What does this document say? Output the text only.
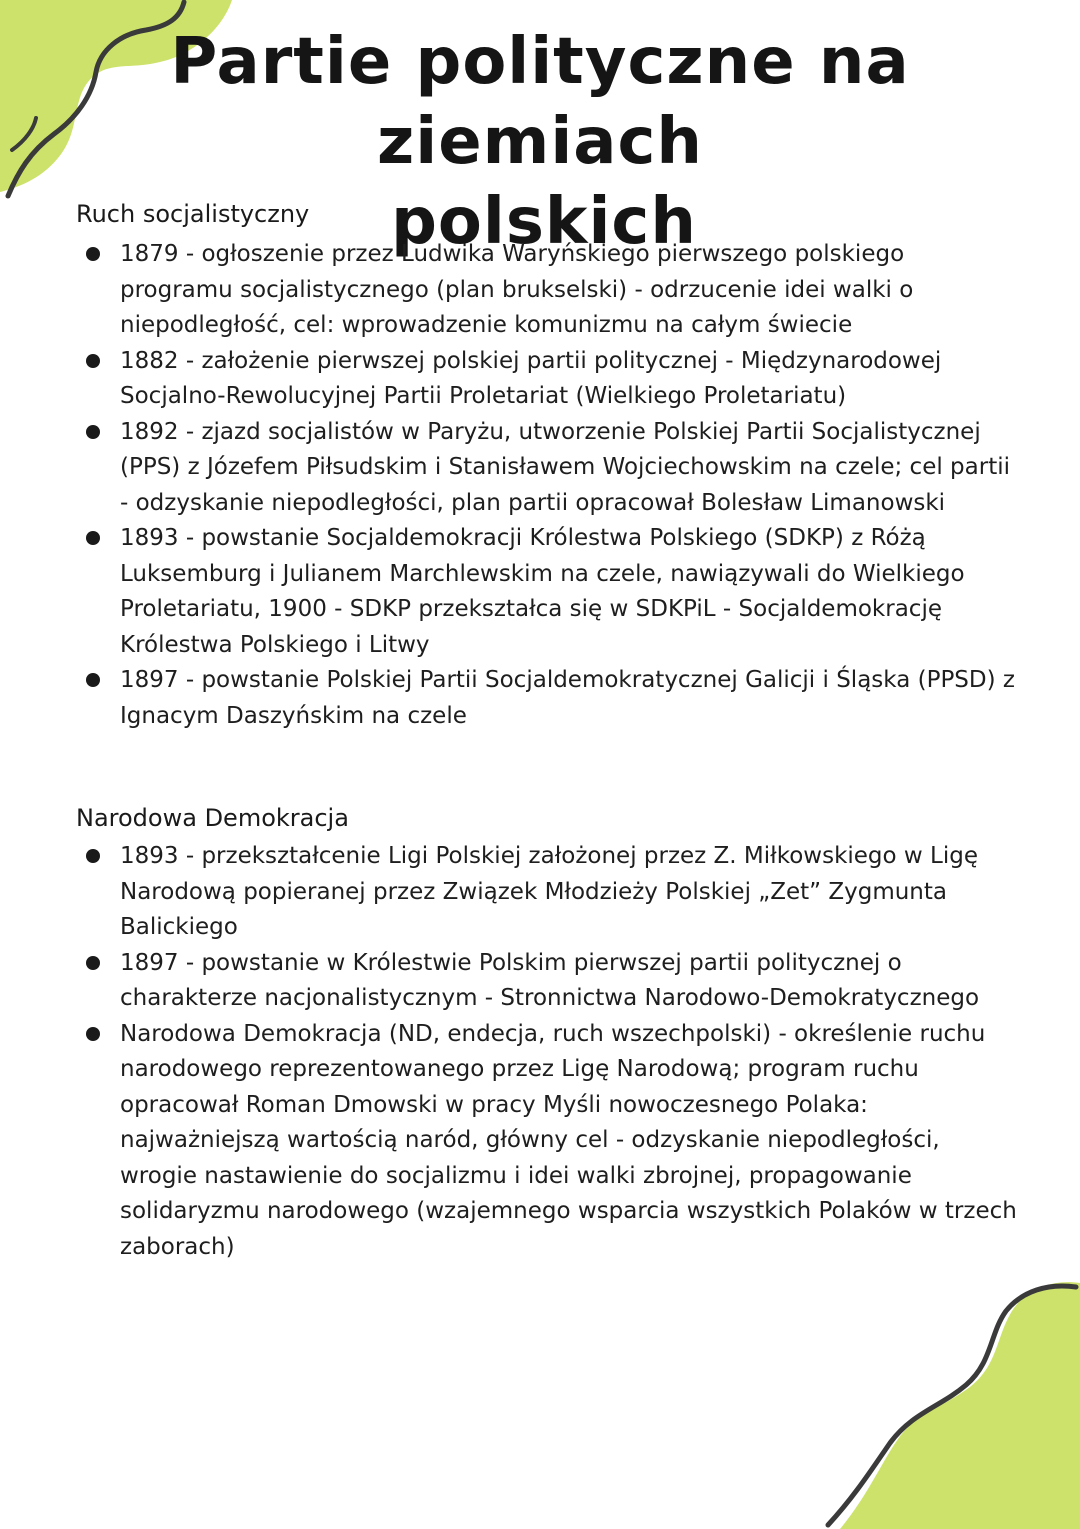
Partie polityczne na ziemiach
polskich
Ruch socjalistyczny
1879 - ogłoszenie przez Ludwika Waryńskiego pierwszego polskiego programu socjalistycznego (plan brukselski) - odrzucenie idei walki o niepodległość, cel: wprowadzenie komunizmu na całym świecie
1882 - założenie pierwszej polskiej partii politycznej - Międzynarodowej Socjalno-Rewolucyjnej Partii Proletariat (Wielkiego Proletariatu)
1892 - zjazd socjalistów w Paryżu, utworzenie Polskiej Partii Socjalistycznej (PPS) z Józefem Piłsudskim i Stanisławem Wojciechowskim na czele; cel partii - odzyskanie niepodległości, plan partii opracował Bolesław Limanowski
1893 - powstanie Socjaldemokracji Królestwa Polskiego (SDKP) z Różą Luksemburg i Julianem Marchlewskim na czele, nawiązywali do Wielkiego Proletariatu, 1900 - SDKP przekształca się w SDKPiL - Socjaldemokrację Królestwa Polskiego i Litwy
1897 - powstanie Polskiej Partii Socjaldemokratycznej Galicji i Śląska (PPSD) z Ignacym Daszyńskim na czele
Narodowa Demokracja
1893 - przekształcenie Ligi Polskiej założonej przez Z. Miłkowskiego w Ligę Narodową popieranej przez Związek Młodzieży Polskiej „Zet” Zygmunta Balickiego
1897 - powstanie w Królestwie Polskim pierwszej partii politycznej o charakterze nacjonalistycznym - Stronnictwa Narodowo-Demokratycznego
Narodowa Demokracja (ND, endecja, ruch wszechpolski) - określenie ruchu narodowego reprezentowanego przez Ligę Narodową; program ruchu opracował Roman Dmowski w pracy Myśli nowoczesnego Polaka: najważniejszą wartością naród, główny cel - odzyskanie niepodległości, wrogie nastawienie do socjalizmu i idei walki zbrojnej, propagowanie solidaryzmu narodowego (wzajemnego wsparcia wszystkich Polaków w trzech zaborach)
